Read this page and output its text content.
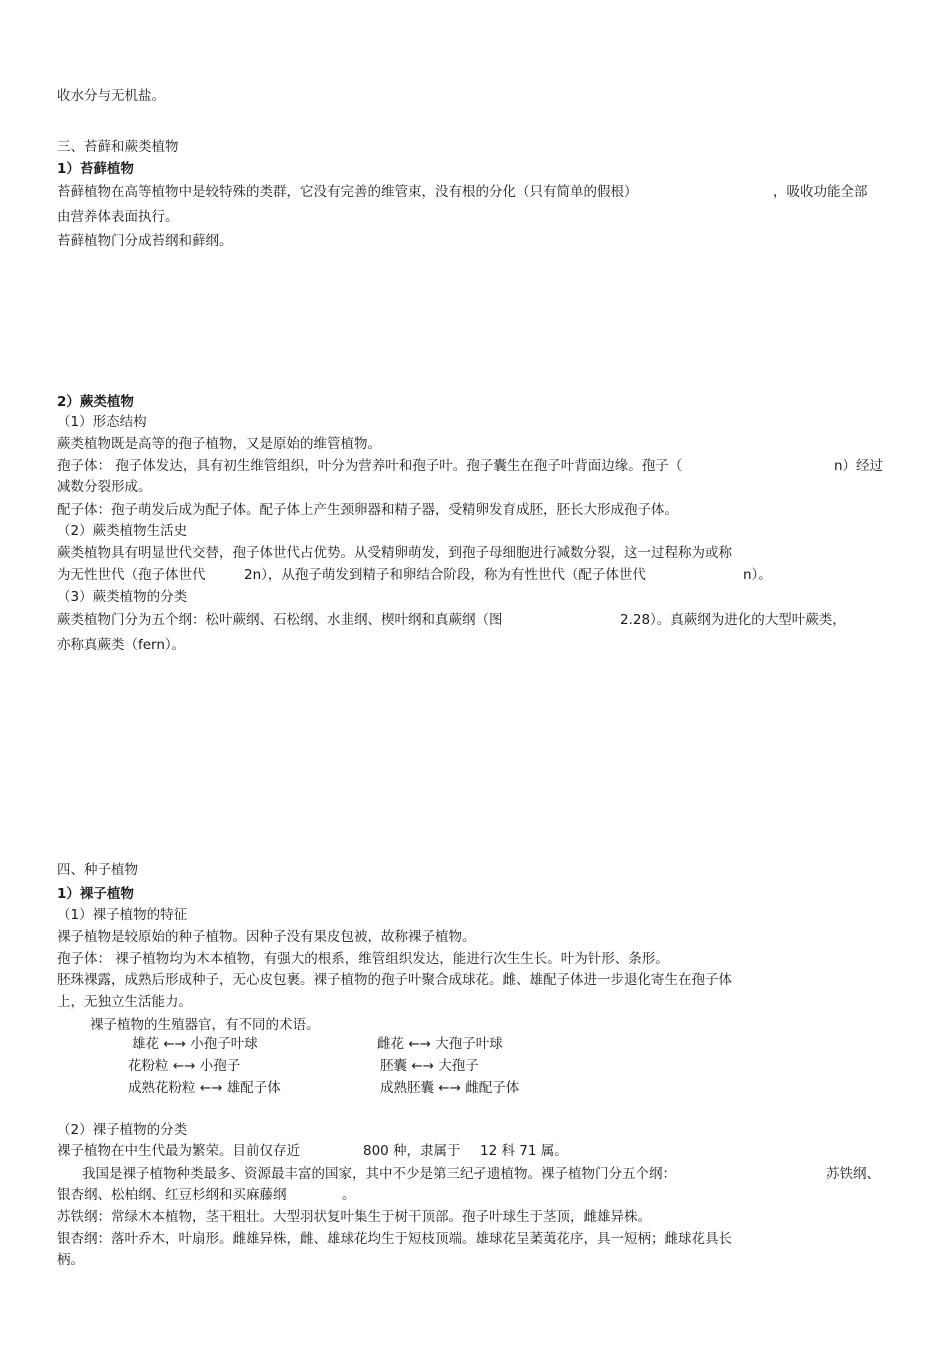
收水分与无机盐。
三、苔藓和蕨类植物
1）苔藓植物
苔藓植物在高等植物中是较特殊的类群，它没有完善的维管束，没有根的分化（只有简单的假根）	，吸收功能全部
由营养体表面执行。
苔藓植物门分成苔纲和藓纲。
2）蕨类植物
（1）形态结构
蕨类植物既是高等的孢子植物，又是原始的维管植物。
孢子体： 孢子体发达，具有初生维管组织，叶分为营养叶和孢子叶。孢子囊生在孢子叶背面边缘。孢子（	n）经过
减数分裂形成。
配子体：孢子萌发后成为配子体。配子体上产生颈卵器和精子器，受精卵发育成胚，胚长大形成孢子体。
（2）蕨类植物生活史
蕨类植物具有明显世代交替，孢子体世代占优势。从受精卵萌发，到孢子母细胞进行减数分裂，这一过程称为或称
为无性世代（孢子体世代	2n），从孢子萌发到精子和卵结合阶段，称为有性世代（配子体世代	n）。
（3）蕨类植物的分类
蕨类植物门分为五个纲：松叶蕨纲、石松纲、水韭纲、楔叶纲和真蕨纲（图	2.28）。真蕨纲为进化的大型叶蕨类，
亦称真蕨类（fern）。
四、种子植物
1）裸子植物
（1）裸子植物的特征
裸子植物是较原始的种子植物。因种子没有果皮包被，故称裸子植物。
孢子体： 裸子植物均为木本植物，有强大的根系，维管组织发达，能进行次生生长。叶为针形、条形。
胚珠裸露，成熟后形成种子，无心皮包裹。裸子植物的孢子叶聚合成球花。雌、雄配子体进一步退化寄生在孢子体
上，无独立生活能力。
裸子植物的生殖器官，有不同的术语。
雄花 ←→ 小孢子叶球	雌花 ←→ 大孢子叶球
花粉粒 ←→ 小孢子	胚囊 ←→ 大孢子
成熟花粉粒 ←→ 雄配子体	成熟胚囊 ←→ 雌配子体
（2）裸子植物的分类
裸子植物在中生代最为繁荣。目前仅存近	800 种，隶属于 12 科 71 属。
我国是裸子植物种类最多、资源最丰富的国家，其中不少是第三纪孑遗植物。裸子植物门分五个纲：	苏铁纲、
银杏纲、松柏纲、红豆杉纲和买麻藤纲	。
苏铁纲：常绿木本植物，茎干粗壮。大型羽状复叶集生于树干顶部。孢子叶球生于茎顶，雌雄异株。
银杏纲：落叶乔木，叶扇形。雌雄异株，雌、雄球花均生于短枝顶端。雄球花呈葇荑花序，具一短柄；雌球花具长
柄。
